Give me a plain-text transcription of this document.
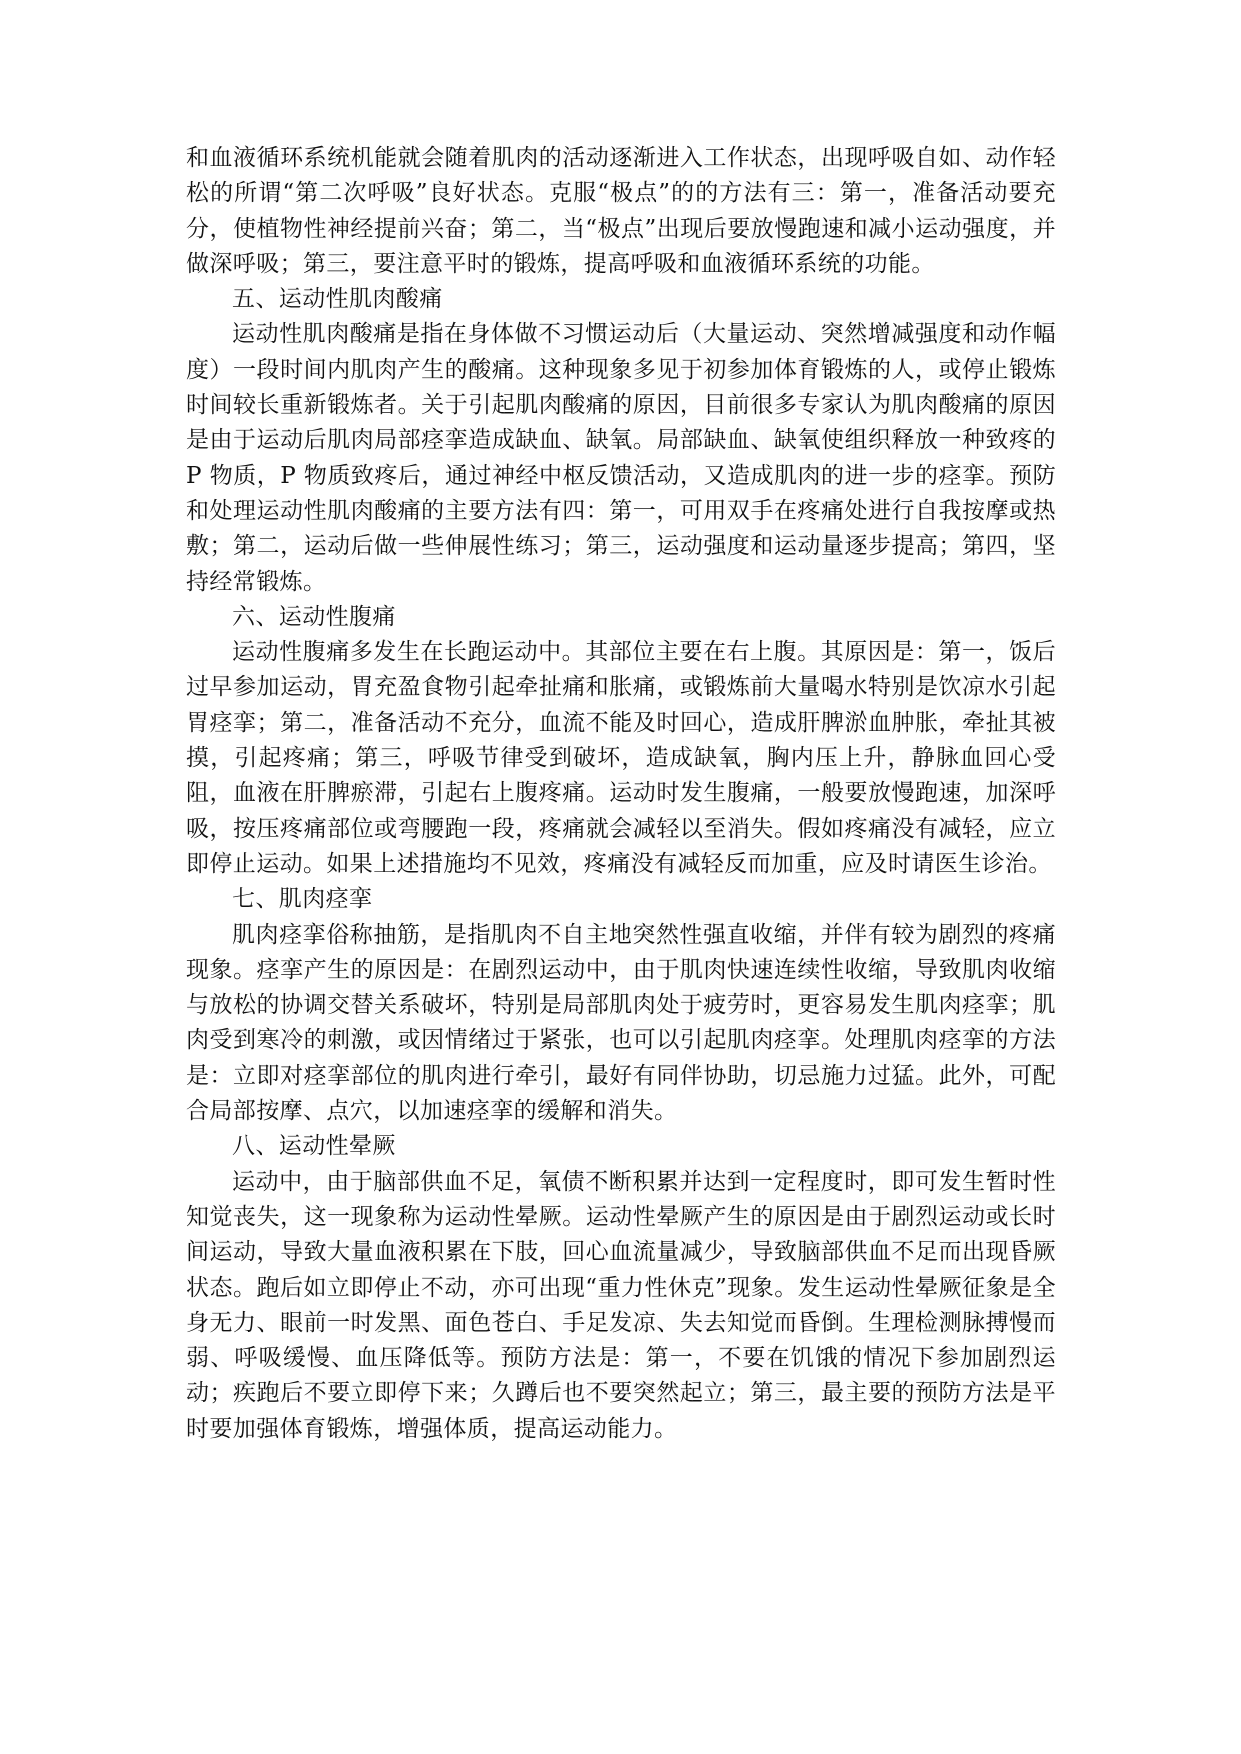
和血液循环系统机能就会随着肌肉的活动逐渐进入工作状态，出现呼吸自如、动作轻松的所谓“第二次呼吸”良好状态。克服“极点”的的方法有三：第一，准备活动要充分，使植物性神经提前兴奋；第二，当“极点”出现后要放慢跑速和减小运动强度，并做深呼吸；第三，要注意平时的锻炼，提高呼吸和血液循环系统的功能。

五、运动性肌肉酸痛

运动性肌肉酸痛是指在身体做不习惯运动后（大量运动、突然增减强度和动作幅度）一段时间内肌肉产生的酸痛。这种现象多见于初参加体育锻炼的人，或停止锻炼时间较长重新锻炼者。关于引起肌肉酸痛的原因，目前很多专家认为肌肉酸痛的原因是由于运动后肌肉局部痉挛造成缺血、缺氧。局部缺血、缺氧使组织释放一种致疼的 P 物质，P 物质致疼后，通过神经中枢反馈活动，又造成肌肉的进一步的痉挛。预防和处理运动性肌肉酸痛的主要方法有四：第一，可用双手在疼痛处进行自我按摩或热敷；第二，运动后做一些伸展性练习；第三，运动强度和运动量逐步提高；第四，坚持经常锻炼。

六、运动性腹痛

运动性腹痛多发生在长跑运动中。其部位主要在右上腹。其原因是：第一，饭后过早参加运动，胃充盈食物引起牵扯痛和胀痛，或锻炼前大量喝水特别是饮凉水引起胃痉挛；第二，准备活动不充分，血流不能及时回心，造成肝脾淤血肿胀，牵扯其被摸，引起疼痛；第三，呼吸节律受到破坏，造成缺氧，胸内压上升，静脉血回心受阻，血液在肝脾瘀滞，引起右上腹疼痛。运动时发生腹痛，一般要放慢跑速，加深呼吸，按压疼痛部位或弯腰跑一段，疼痛就会减轻以至消失。假如疼痛没有减轻，应立即停止运动。如果上述措施均不见效，疼痛没有减轻反而加重，应及时请医生诊治。

七、肌肉痉挛

肌肉痉挛俗称抽筋，是指肌肉不自主地突然性强直收缩，并伴有较为剧烈的疼痛现象。痉挛产生的原因是：在剧烈运动中，由于肌肉快速连续性收缩，导致肌肉收缩与放松的协调交替关系破坏，特别是局部肌肉处于疲劳时，更容易发生肌肉痉挛；肌肉受到寒冷的刺激，或因情绪过于紧张，也可以引起肌肉痉挛。处理肌肉痉挛的方法是：立即对痉挛部位的肌肉进行牵引，最好有同伴协助，切忌施力过猛。此外，可配合局部按摩、点穴，以加速痉挛的缓解和消失。

八、运动性晕厥

运动中，由于脑部供血不足，氧债不断积累并达到一定程度时，即可发生暂时性知觉丧失，这一现象称为运动性晕厥。运动性晕厥产生的原因是由于剧烈运动或长时间运动，导致大量血液积累在下肢，回心血流量减少，导致脑部供血不足而出现昏厥状态。跑后如立即停止不动，亦可出现“重力性休克”现象。发生运动性晕厥征象是全身无力、眼前一时发黑、面色苍白、手足发凉、失去知觉而昏倒。生理检测脉搏慢而弱、呼吸缓慢、血压降低等。预防方法是：第一，不要在饥饿的情况下参加剧烈运动；疾跑后不要立即停下来；久蹲后也不要突然起立；第三，最主要的预防方法是平时要加强体育锻炼，增强体质，提高运动能力。
